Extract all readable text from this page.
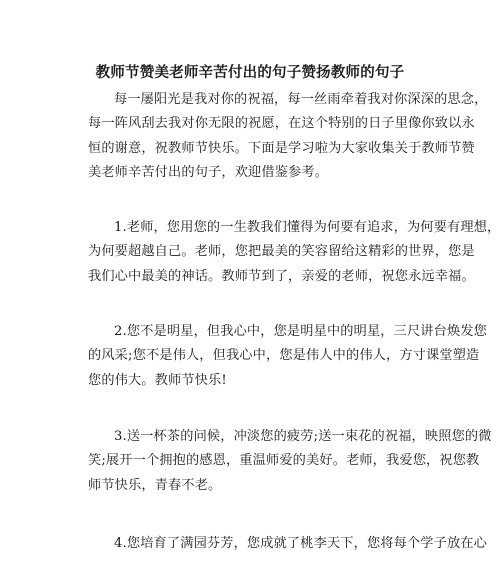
教师节赞美老师辛苦付出的句子赞扬教师的句子

每一屡阳光是我对你的祝福，每一丝雨牵着我对你深深的思念，
每一阵风刮去我对你无限的祝愿，在这个特别的日子里像你致以永
恒的谢意，祝教师节快乐。下面是学习啦为大家收集关于教师节赞
美老师辛苦付出的句子，欢迎借鉴参考。

1.老师，您用您的一生教我们懂得为何要有追求，为何要有理想，
为何要超越自己。老师，您把最美的笑容留给这精彩的世界，您是
我们心中最美的神话。教师节到了，亲爱的老师，祝您永远幸福。

2.您不是明星，但我心中，您是明星中的明星，三尺讲台焕发您
的风采;您不是伟人，但我心中，您是伟人中的伟人，方寸课堂塑造
您的伟大。教师节快乐!

3.送一杯茶的问候，冲淡您的疲劳;送一束花的祝福，映照您的微
笑;展开一个拥抱的感恩，重温师爱的美好。老师，我爱您，祝您教
师节快乐，青春不老。

4.您培育了满园芬芳，您成就了桃李天下，您将每个学子放在心
